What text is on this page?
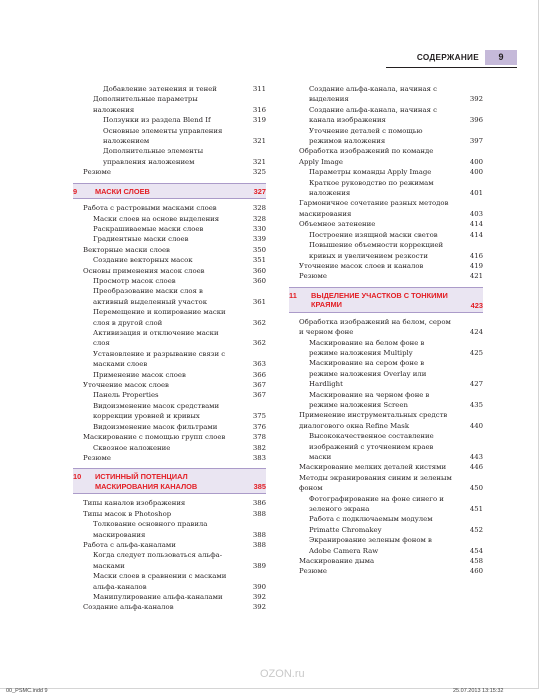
СОДЕРЖАНИЕ	9
Добавление затенения и теней	311
Дополнительные параметры наложения	316
Ползунки из раздела Blend If	319
Основные элементы управления наложением	321
Дополнительные элементы управления наложением	321
Резюме	325
9	МАСКИ СЛОЕВ	327
Работа с растровыми масками слоев	328
Маски слоев на основе выделения	328
Раскрашиваемые маски слоев	330
Градиентные маски слоев	339
Векторные маски слоев	350
Создание векторных масок	351
Основы применения масок слоев	360
Просмотр масок слоев	360
Преобразование маски слоя в активный выделенный участок	361
Перемещение и копирование маски слоя в другой слой	362
Активизация и отключение маски слоя	362
Установление и разрывание связи с масками слоев	363
Применение масок слоев	366
Уточнение масок слоев	367
Панель Properties	367
Видоизменение масок средствами коррекции уровней и кривых	375
Видоизменение масок фильтрами	376
Маскирование с помощью групп слоев	378
Сквозное наложение	382
Резюме	383
10	ИСТИННЫЙ ПОТЕНЦИАЛ МАСКИРОВАНИЯ КАНАЛОВ	385
Типы каналов изображения	386
Типы масок в Photoshop	388
Толкование основного правила маскирования	388
Работа с альфа-каналами	388
Когда следует пользоваться альфа-масками	389
Маски слоев в сравнении с масками альфа-каналов	390
Манипулирование альфа-каналами	392
Создание альфа-каналов	392
Создание альфа-канала, начиная с выделения	392
Создание альфа-канала, начиная с канала изображения	396
Уточнение деталей с помощью режимов наложения	397
Обработка изображений по команде Apply Image	400
Параметры команды Apply Image	400
Краткое руководство по режимам наложения	401
Гармоничное сочетание разных методов маскирования	403
Объемное затенение	414
Построение изящной маски светов	414
Повышение объемности коррекцией кривых и увеличением резкости	416
Уточнение масок слоев и каналов	419
Резюме	421
11	ВЫДЕЛЕНИЕ УЧАСТКОВ С ТОНКИМИ КРАЯМИ	423
Обработка изображений на белом, сером и черном фоне	424
Маскирование на белом фоне в режиме наложения Multiply	425
Маскирование на сером фоне в режиме наложения Overlay или Hardlight	427
Маскирование на черном фоне в режиме наложения Screen	435
Применение инструментальных средств диалогового окна Refine Mask	440
Высококачественное составление изображений с уточнением краев маски	443
Маскирование мелких деталей кистями	446
Методы экранирования синим и зеленым фоном	450
Фотографирование на фоне синего и зеленого экрана	451
Работа с подключаемым модулем Primatte Chromakey	452
Экранирование зеленым фоном в Adobe Camera Raw	454
Маскирование дыма	458
Резюме	460
OZON.ru
00_PSMC.indd 9	25.07.2013 13:15:32
